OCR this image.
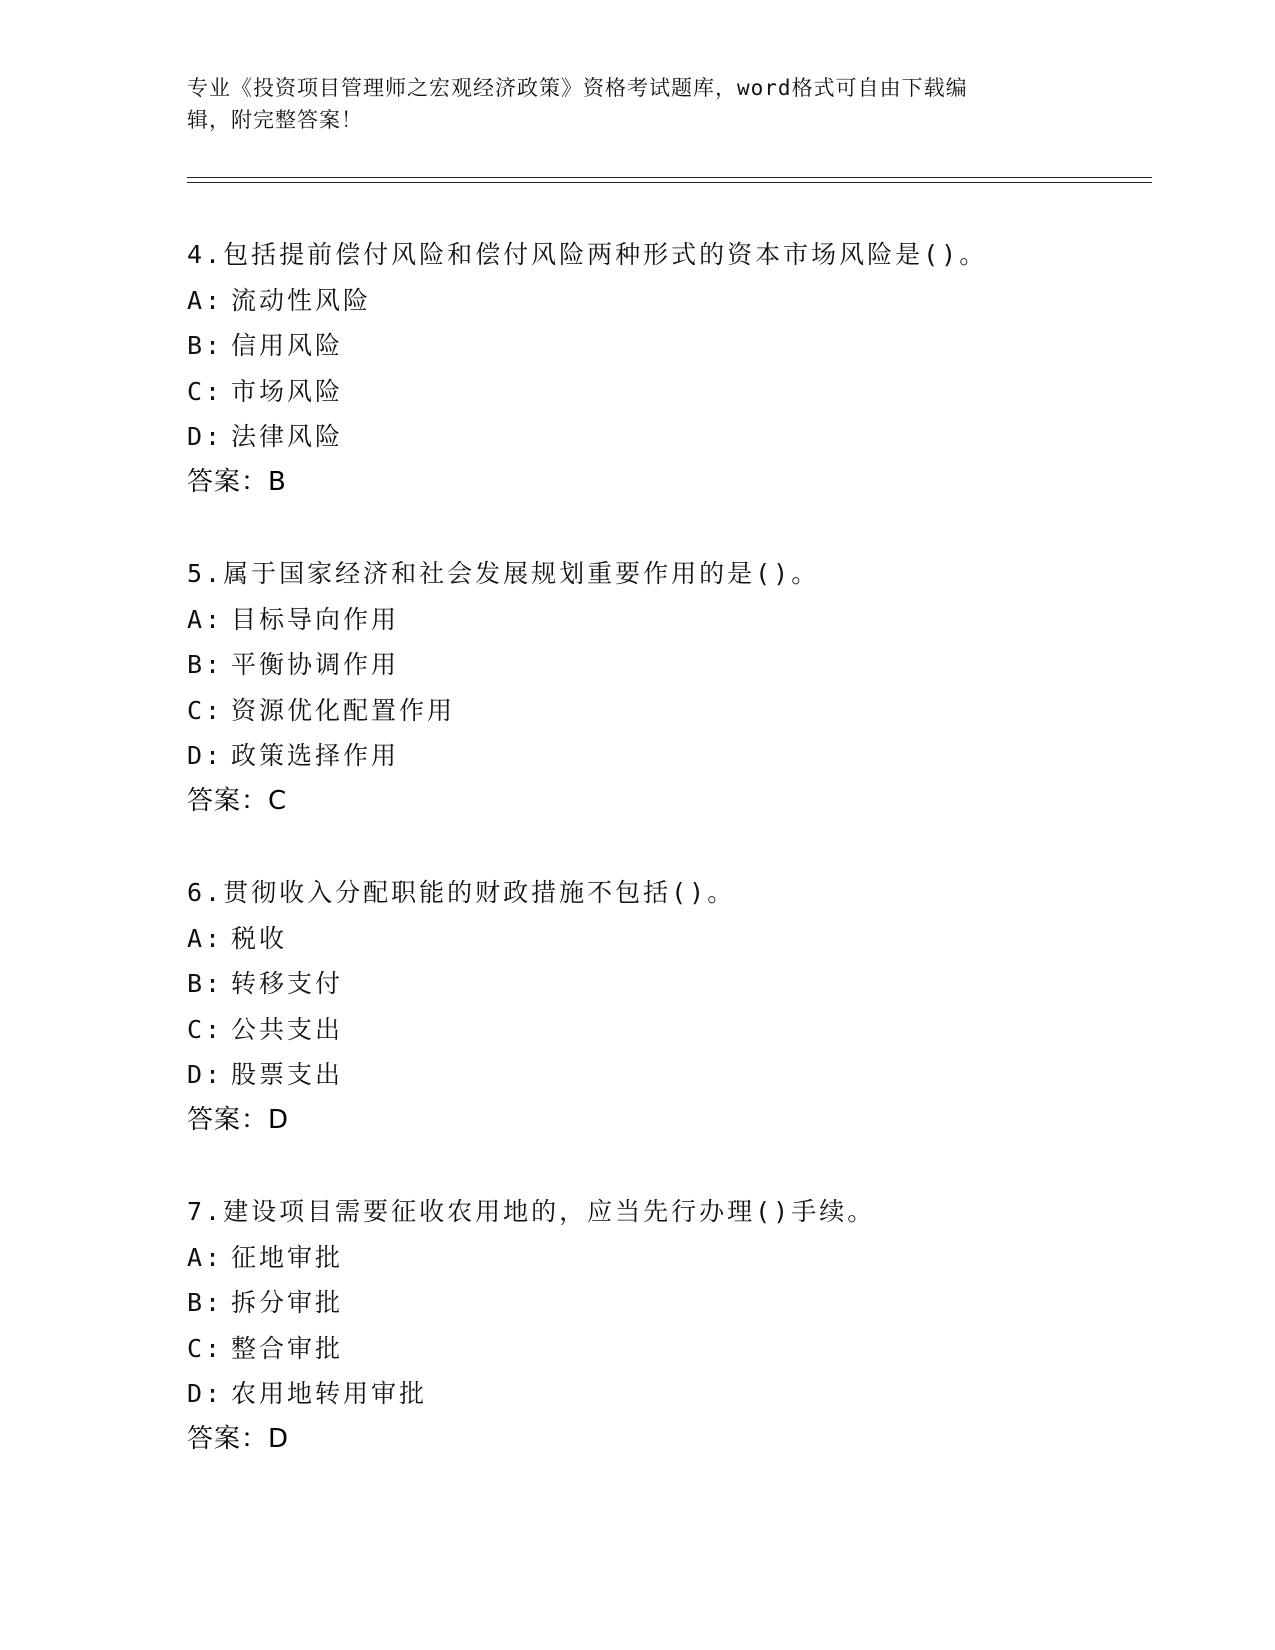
专业《投资项目管理师之宏观经济政策》资格考试题库，word格式可自由下载编
辑，附完整答案！
4.包括提前偿付风险和偿付风险两种形式的资本市场风险是()。
A: 流动性风险
B: 信用风险
C: 市场风险
D: 法律风险
答案：B
5.属于国家经济和社会发展规划重要作用的是()。
A: 目标导向作用
B: 平衡协调作用
C: 资源优化配置作用
D: 政策选择作用
答案：C
6.贯彻收入分配职能的财政措施不包括()。
A: 税收
B: 转移支付
C: 公共支出
D: 股票支出
答案：D
7.建设项目需要征收农用地的，应当先行办理()手续。
A: 征地审批
B: 拆分审批
C: 整合审批
D: 农用地转用审批
答案：D
